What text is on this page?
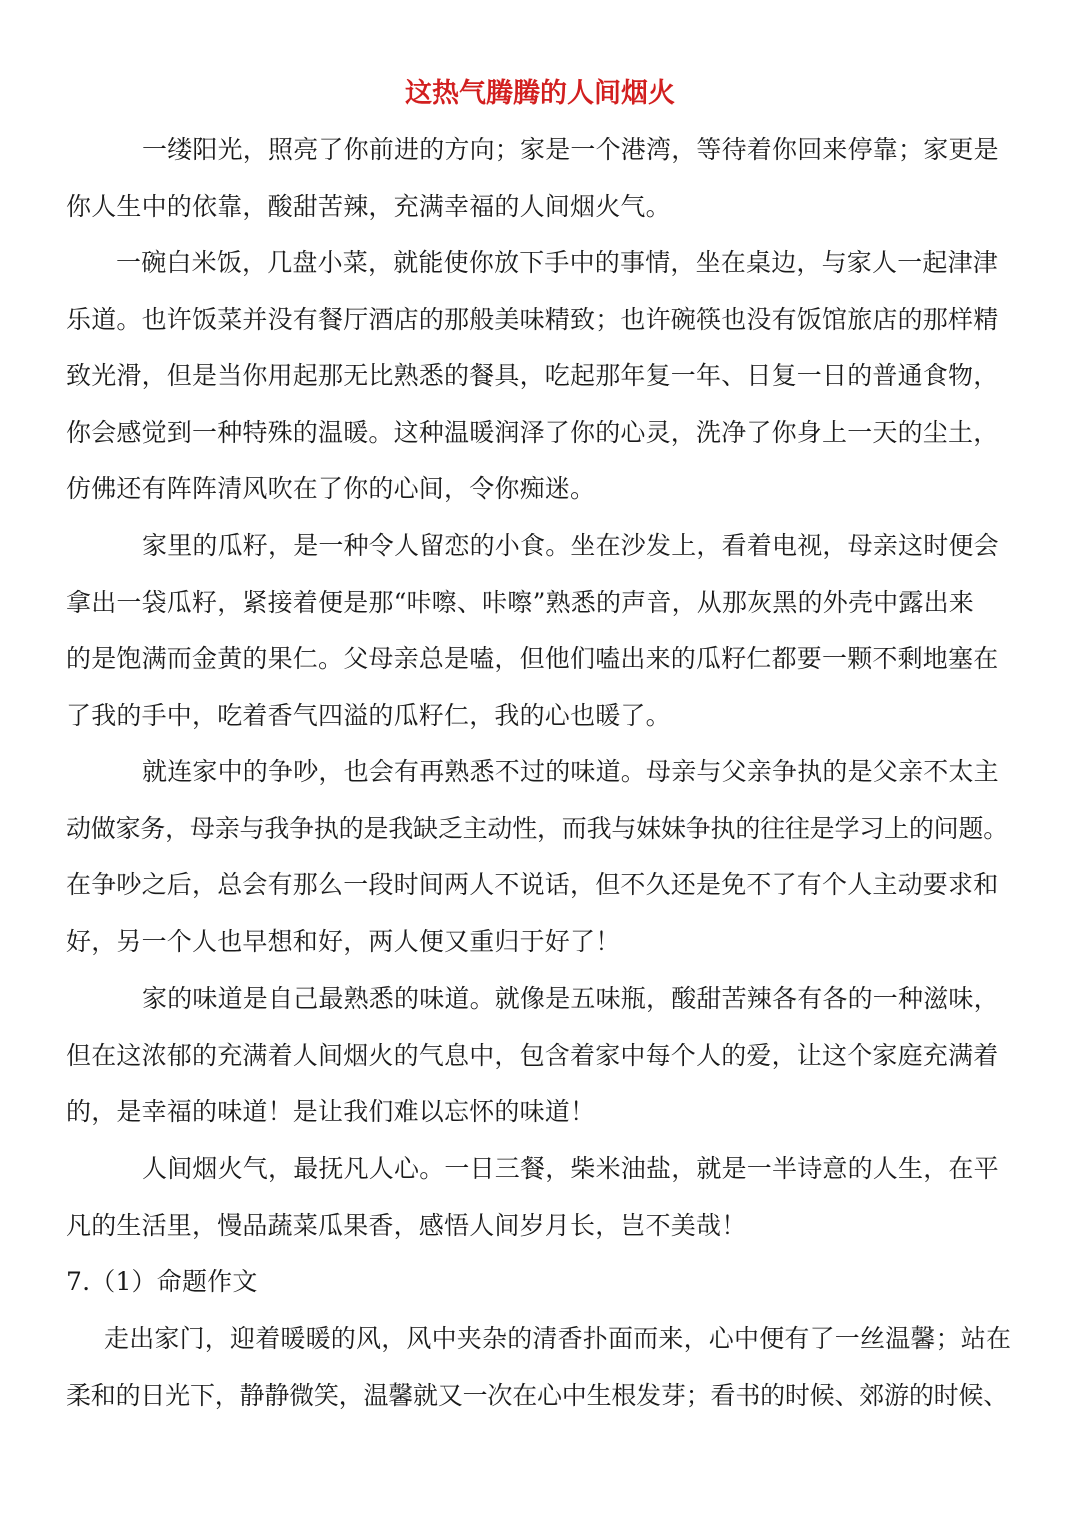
这热气腾腾的人间烟火
一缕阳光，照亮了你前进的方向；家是一个港湾，等待着你回来停靠；家更是
你人生中的依靠，酸甜苦辣，充满幸福的人间烟火气。
一碗白米饭，几盘小菜，就能使你放下手中的事情，坐在桌边，与家人一起津津
乐道。也许饭菜并没有餐厅酒店的那般美味精致；也许碗筷也没有饭馆旅店的那样精
致光滑，但是当你用起那无比熟悉的餐具，吃起那年复一年、日复一日的普通食物，
你会感觉到一种特殊的温暖。这种温暖润泽了你的心灵，洗净了你身上一天的尘土，
仿佛还有阵阵清风吹在了你的心间，令你痴迷。
家里的瓜籽，是一种令人留恋的小食。坐在沙发上，看着电视，母亲这时便会
拿出一袋瓜籽，紧接着便是那“咔嚓、咔嚓”熟悉的声音，从那灰黑的外壳中露出来
的是饱满而金黄的果仁。父母亲总是嗑，但他们嗑出来的瓜籽仁都要一颗不剩地塞在
了我的手中，吃着香气四溢的瓜籽仁，我的心也暖了。
就连家中的争吵，也会有再熟悉不过的味道。母亲与父亲争执的是父亲不太主
动做家务，母亲与我争执的是我缺乏主动性，而我与妹妹争执的往往是学习上的问题。
在争吵之后，总会有那么一段时间两人不说话，但不久还是免不了有个人主动要求和
好，另一个人也早想和好，两人便又重归于好了！
家的味道是自己最熟悉的味道。就像是五味瓶，酸甜苦辣各有各的一种滋味，
但在这浓郁的充满着人间烟火的气息中，包含着家中每个人的爱，让这个家庭充满着
的，是幸福的味道！是让我们难以忘怀的味道！
人间烟火气，最抚凡人心。一日三餐，柴米油盐，就是一半诗意的人生，在平
凡的生活里，慢品蔬菜瓜果香，感悟人间岁月长，岂不美哉！
7.（1）命题作文
走出家门，迎着暖暖的风，风中夹杂的清香扑面而来，心中便有了一丝温馨；站在
柔和的日光下，静静微笑，温馨就又一次在心中生根发芽；看书的时候、郊游的时候、
